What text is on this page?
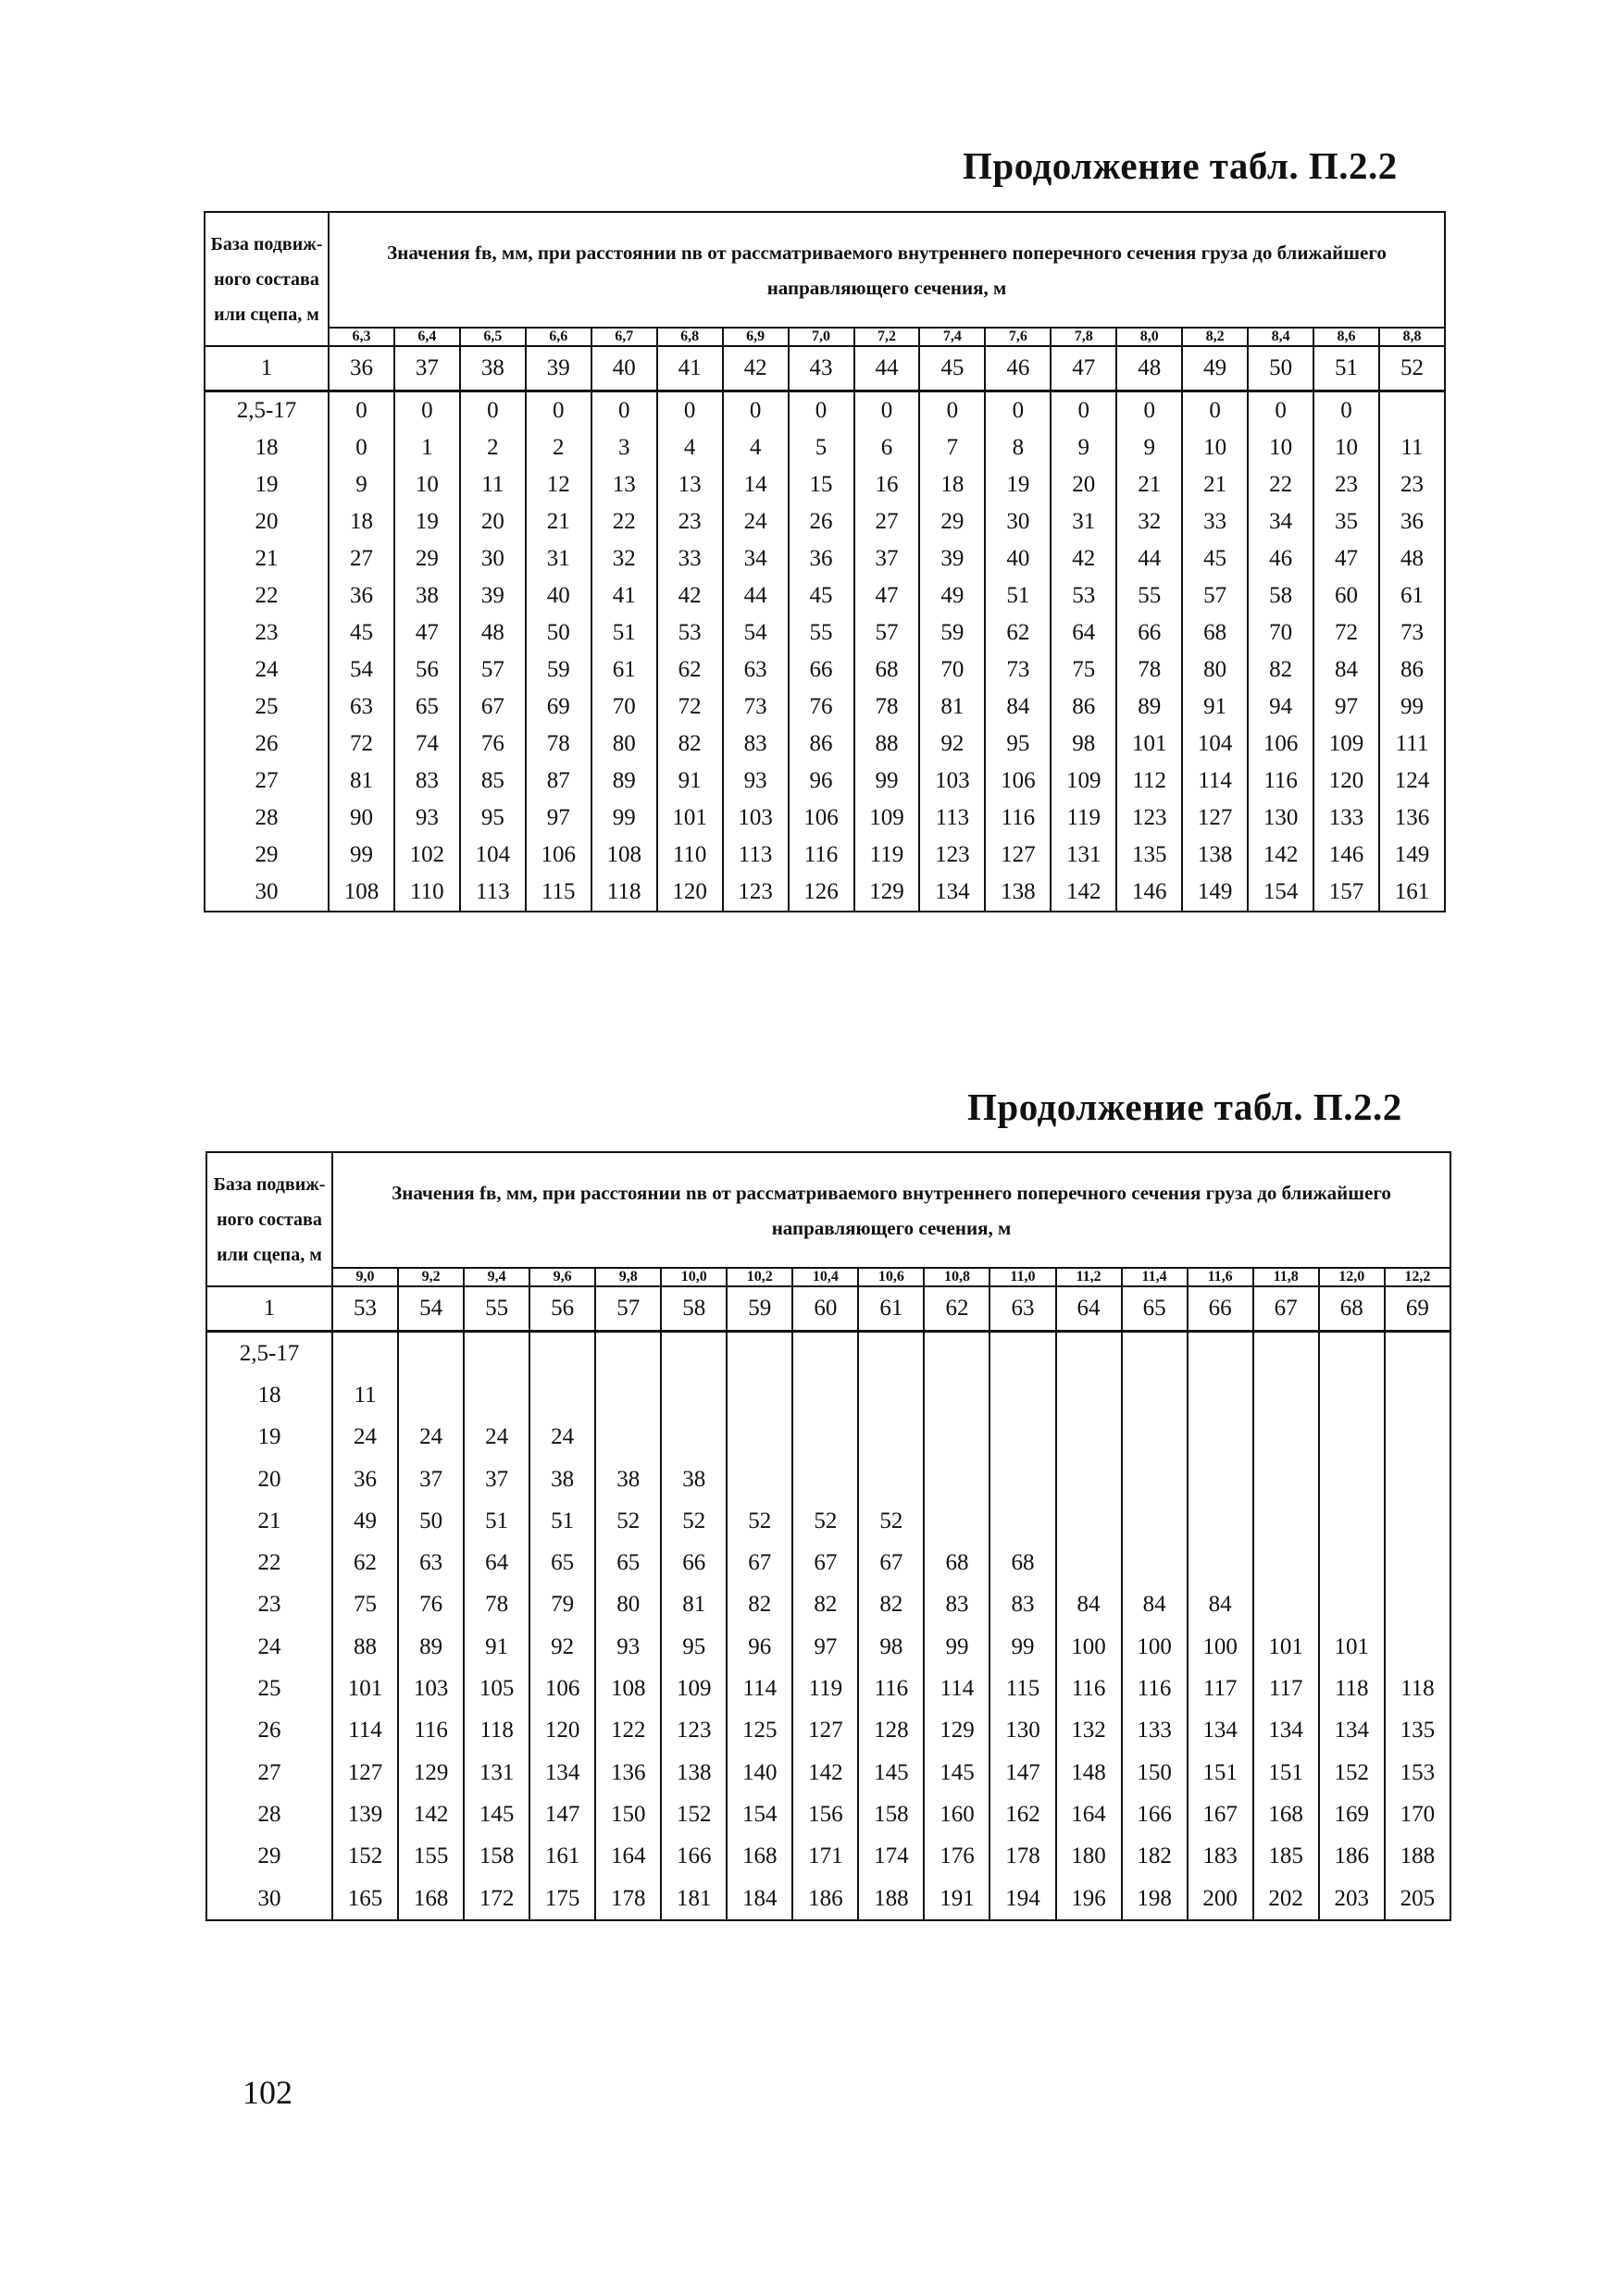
Продолжение табл. П.2.2
База подвиж-ного состава или сцепа, м	Значения fв, мм, при расстоянии nв от рассматриваемого внутреннего поперечного сечения груза до ближайшего направляющего сечения, м																
	6,3	6,4	6,5	6,6	6,7	6,8	6,9	7,0	7,2	7,4	7,6	7,8	8,0	8,2	8,4	8,6	8,8
1	36	37	38	39	40	41	42	43	44	45	46	47	48	49	50	51	52
2,5-17	0	0	0	0	0	0	0	0	0	0	0	0	0	0	0	0	
18	0	1	2	2	3	4	4	5	6	7	8	9	9	10	10	10	11
19	9	10	11	12	13	13	14	15	16	18	19	20	21	21	22	23	23
20	18	19	20	21	22	23	24	26	27	29	30	31	32	33	34	35	36
21	27	29	30	31	32	33	34	36	37	39	40	42	44	45	46	47	48
22	36	38	39	40	41	42	44	45	47	49	51	53	55	57	58	60	61
23	45	47	48	50	51	53	54	55	57	59	62	64	66	68	70	72	73
24	54	56	57	59	61	62	63	66	68	70	73	75	78	80	82	84	86
25	63	65	67	69	70	72	73	76	78	81	84	86	89	91	94	97	99
26	72	74	76	78	80	82	83	86	88	92	95	98	101	104	106	109	111
27	81	83	85	87	89	91	93	96	99	103	106	109	112	114	116	120	124
28	90	93	95	97	99	101	103	106	109	113	116	119	123	127	130	133	136
29	99	102	104	106	108	110	113	116	119	123	127	131	135	138	142	146	149
30	108	110	113	115	118	120	123	126	129	134	138	142	146	149	154	157	161
Продолжение табл. П.2.2
База подвиж-ного состава или сцепа, м	Значения fв, мм, при расстоянии nв от рассматриваемого внутреннего поперечного сечения груза до ближайшего направляющего сечения, м																
	9,0	9,2	9,4	9,6	9,8	10,0	10,2	10,4	10,6	10,8	11,0	11,2	11,4	11,6	11,8	12,0	12,2
1	53	54	55	56	57	58	59	60	61	62	63	64	65	66	67	68	69
2,5-17																	
18	11																
19	24	24	24	24													
20	36	37	37	38	38	38											
21	49	50	51	51	52	52	52	52	52								
22	62	63	64	65	65	66	67	67	67	68	68						
23	75	76	78	79	80	81	82	82	82	83	83	84	84	84			
24	88	89	91	92	93	95	96	97	98	99	99	100	100	100	101	101	
25	101	103	105	106	108	109	114	119	116	114	115	116	116	117	117	118	118
26	114	116	118	120	122	123	125	127	128	129	130	132	133	134	134	134	135
27	127	129	131	134	136	138	140	142	145	145	147	148	150	151	151	152	153
28	139	142	145	147	150	152	154	156	158	160	162	164	166	167	168	169	170
29	152	155	158	161	164	166	168	171	174	176	178	180	182	183	185	186	188
30	165	168	172	175	178	181	184	186	188	191	194	196	198	200	202	203	205
102
